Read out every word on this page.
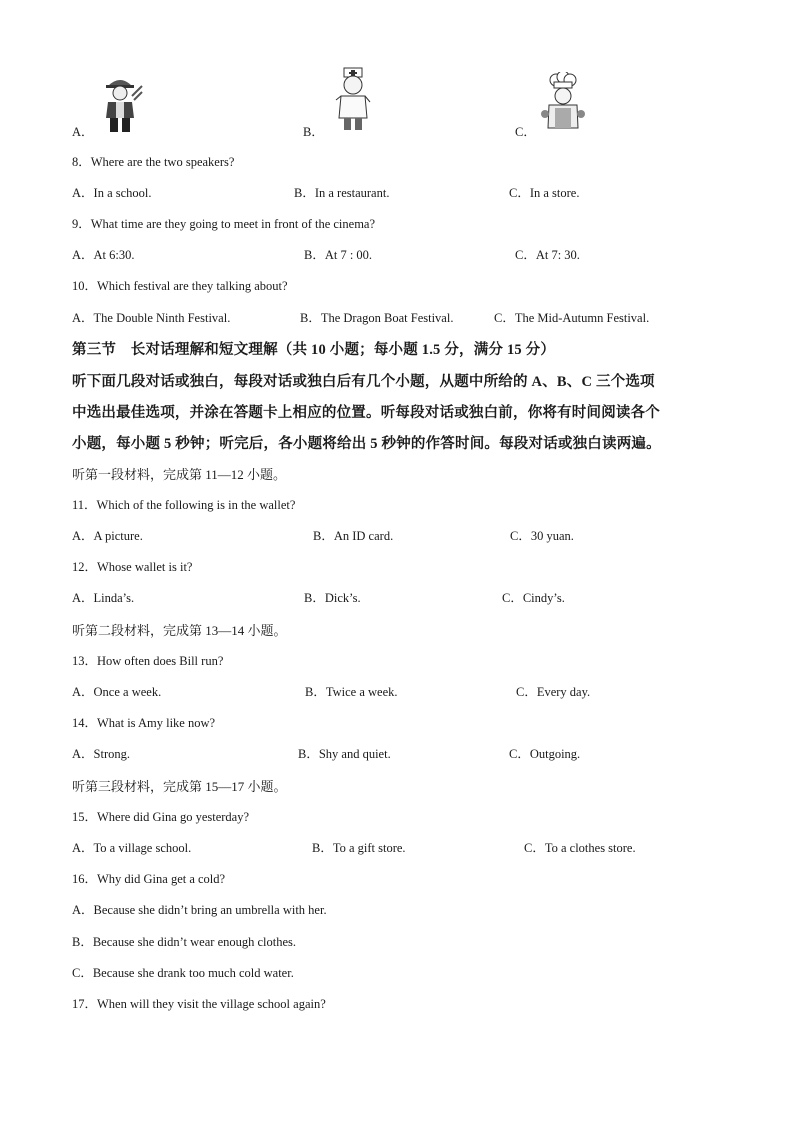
A．	B．	C．
8．Where are the two speakers?
A．In a school.	B．In a restaurant.	C．In a store.
9．What time are they going to meet in front of the cinema?
A．At 6:30.	B．At 7 : 00.	C．At 7: 30.
10．Which festival are they talking about?
A．The Double Ninth Festival.	B．The Dragon Boat Festival.	C．The Mid-Autumn Festival.
第三节　长对话理解和短文理解（共 10 小题；每小题 1.5 分，满分 15 分）
听下面几段对话或独白，每段对话或独白后有几个小题，从题中所给的 A、B、C 三个选项
中选出最佳选项，并涂在答题卡上相应的位置。听每段对话或独白前，你将有时间阅读各个
小题，每小题 5 秒钟；听完后，各小题将给出 5 秒钟的作答时间。每段对话或独白读两遍。
听第一段材料，完成第 11—12 小题。
11．Which of the following is in the wallet?
A．A picture.	B．An ID card.	C．30 yuan.
12．Whose wallet is it?
A．Linda’s.	B．Dick’s.	C．Cindy’s.
听第二段材料，完成第 13—14 小题。
13．How often does Bill run?
A．Once a week.	B．Twice a week.	C．Every day.
14．What is Amy like now?
A．Strong.	B．Shy and quiet.	C．Outgoing.
听第三段材料，完成第 15—17 小题。
15．Where did Gina go yesterday?
A．To a village school.	B．To a gift store.	C．To a clothes store.
16．Why did Gina get a cold?
A．Because she didn’t bring an umbrella with her.
B．Because she didn’t wear enough clothes.
C．Because she drank too much cold water.
17．When will they visit the village school again?
